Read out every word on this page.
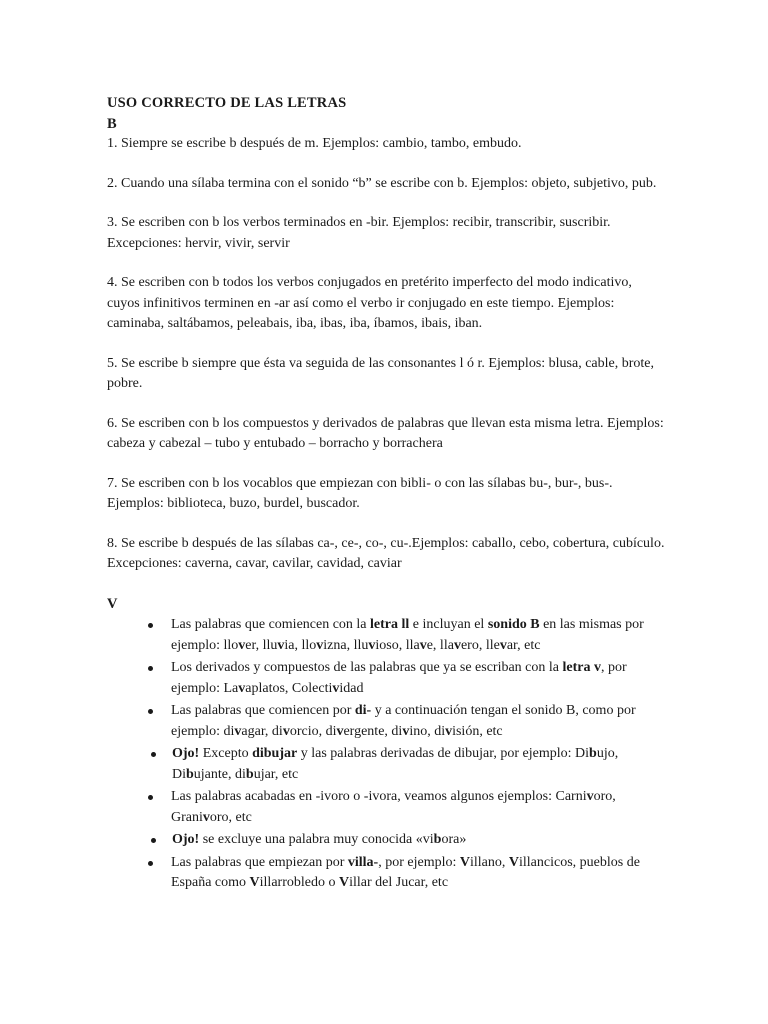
USO CORRECTO DE LAS LETRAS
B

1. Siempre se escribe b después de m. Ejemplos: cambio, tambo, embudo.

2. Cuando una sílaba termina con el sonido “b” se escribe con b. Ejemplos: objeto, subjetivo, pub.

3. Se escriben con b los verbos terminados en -bir. Ejemplos: recibir, transcribir, suscribir. Excepciones: hervir, vivir, servir

4. Se escriben con b todos los verbos conjugados en pretérito imperfecto del modo indicativo, cuyos infinitivos terminen en -ar así como el verbo ir conjugado en este tiempo. Ejemplos: caminaba, saltábamos, peleabais, iba, ibas, iba, íbamos, ibais, iban.

5. Se escribe b siempre que ésta va seguida de las consonantes l ó r. Ejemplos: blusa, cable, brote, pobre.

6. Se escriben con b los compuestos y derivados de palabras que llevan esta misma letra. Ejemplos: cabeza y cabezal – tubo y entubado – borracho y borrachera

7. Se escriben con b los vocablos que empiezan con bibli- o con las sílabas bu-, bur-, bus-. Ejemplos: biblioteca, buzo, burdel, buscador.

8. Se escribe b después de las sílabas ca-, ce-, co-, cu-.Ejemplos: caballo, cebo, cobertura, cubículo. Excepciones: caverna, cavar, cavilar, cavidad, caviar

V
Las palabras que comiencen con la letra ll e incluyan el sonido B en las mismas por ejemplo: llover, lluvia, llovizna, lluvioso, llave, llavero, llevar, etc
Los derivados y compuestos de las palabras que ya se escriban con la letra v, por ejemplo: Lavaplatos, Colectividad
Las palabras que comiencen por di- y a continuación tengan el sonido B, como por ejemplo: divagar, divorcio, divergente, divino, división, etc
Ojo! Excepto dibujar y las palabras derivadas de dibujar, por ejemplo: Dibujo, Dibujante, dibujar, etc
Las palabras acabadas en -ivoro o -ivora, veamos algunos ejemplos: Carnivoro, Granivoro, etc
Ojo! se excluye una palabra muy conocida «vibora»
Las palabras que empiezan por villa-, por ejemplo: Villano, Villancicos, pueblos de España como Villarrobledo o Villar del Jucar, etc
